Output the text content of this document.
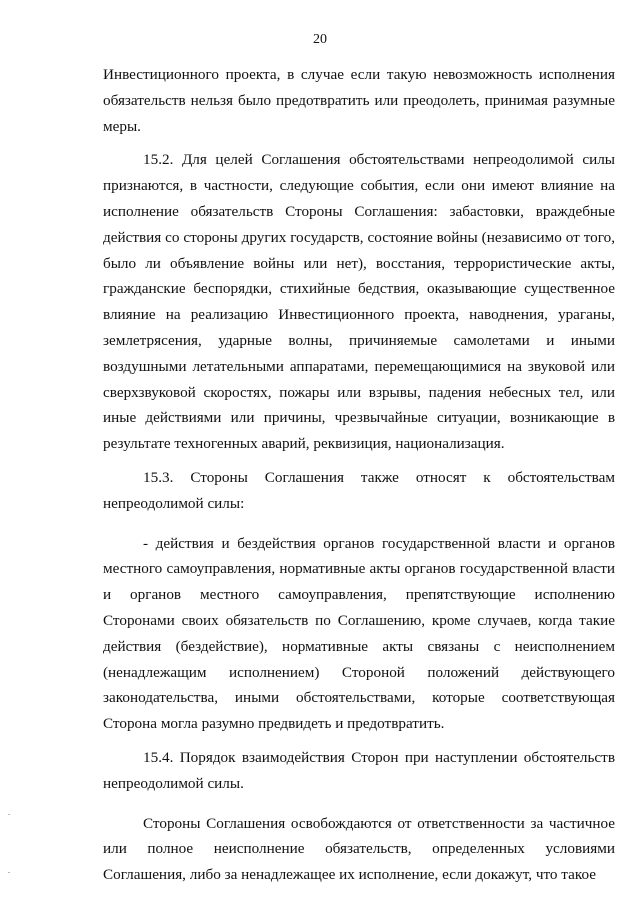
20
.
.

Инвестиционного проекта, в случае если такую невозможность исполнения обязательств нельзя было предотвратить или преодолеть, принимая разумные меры.

15.2. Для целей Соглашения обстоятельствами непреодолимой силы признаются, в частности, следующие события, если они имеют влияние на исполнение обязательств Стороны Соглашения: забастовки, враждебные действия со стороны других государств, состояние войны (независимо от того, было ли объявление войны или нет), восстания, террористические акты, гражданские беспорядки, стихийные бедствия, оказывающие существенное влияние на реализацию Инвестиционного проекта, наводнения, ураганы, землетрясения, ударные волны, причиняемые самолетами и иными воздушными летательными аппаратами, перемещающимися на звуковой или сверхзвуковой скоростях, пожары или взрывы, падения небесных тел, или иные действиями или причины, чрезвычайные ситуации, возникающие в результате техногенных аварий, реквизиция, национализация.

15.3. Стороны Соглашения также относят к обстоятельствам непреодолимой силы:

- действия и бездействия органов государственной власти и органов местного самоуправления, нормативные акты органов государственной власти и органов местного самоуправления, препятствующие исполнению Сторонами своих обязательств по Соглашению, кроме случаев, когда такие действия (бездействие), нормативные акты связаны с неисполнением (ненадлежащим исполнением) Стороной положений действующего законодательства, иными обстоятельствами, которые соответствующая Сторона могла разумно предвидеть и предотвратить.

15.4. Порядок взаимодействия Сторон при наступлении обстоятельств непреодолимой силы.

Стороны Соглашения освобождаются от ответственности за частичное или полное неисполнение обязательств, определенных условиями Соглашения, либо за ненадлежащее их исполнение, если докажут, что такое
